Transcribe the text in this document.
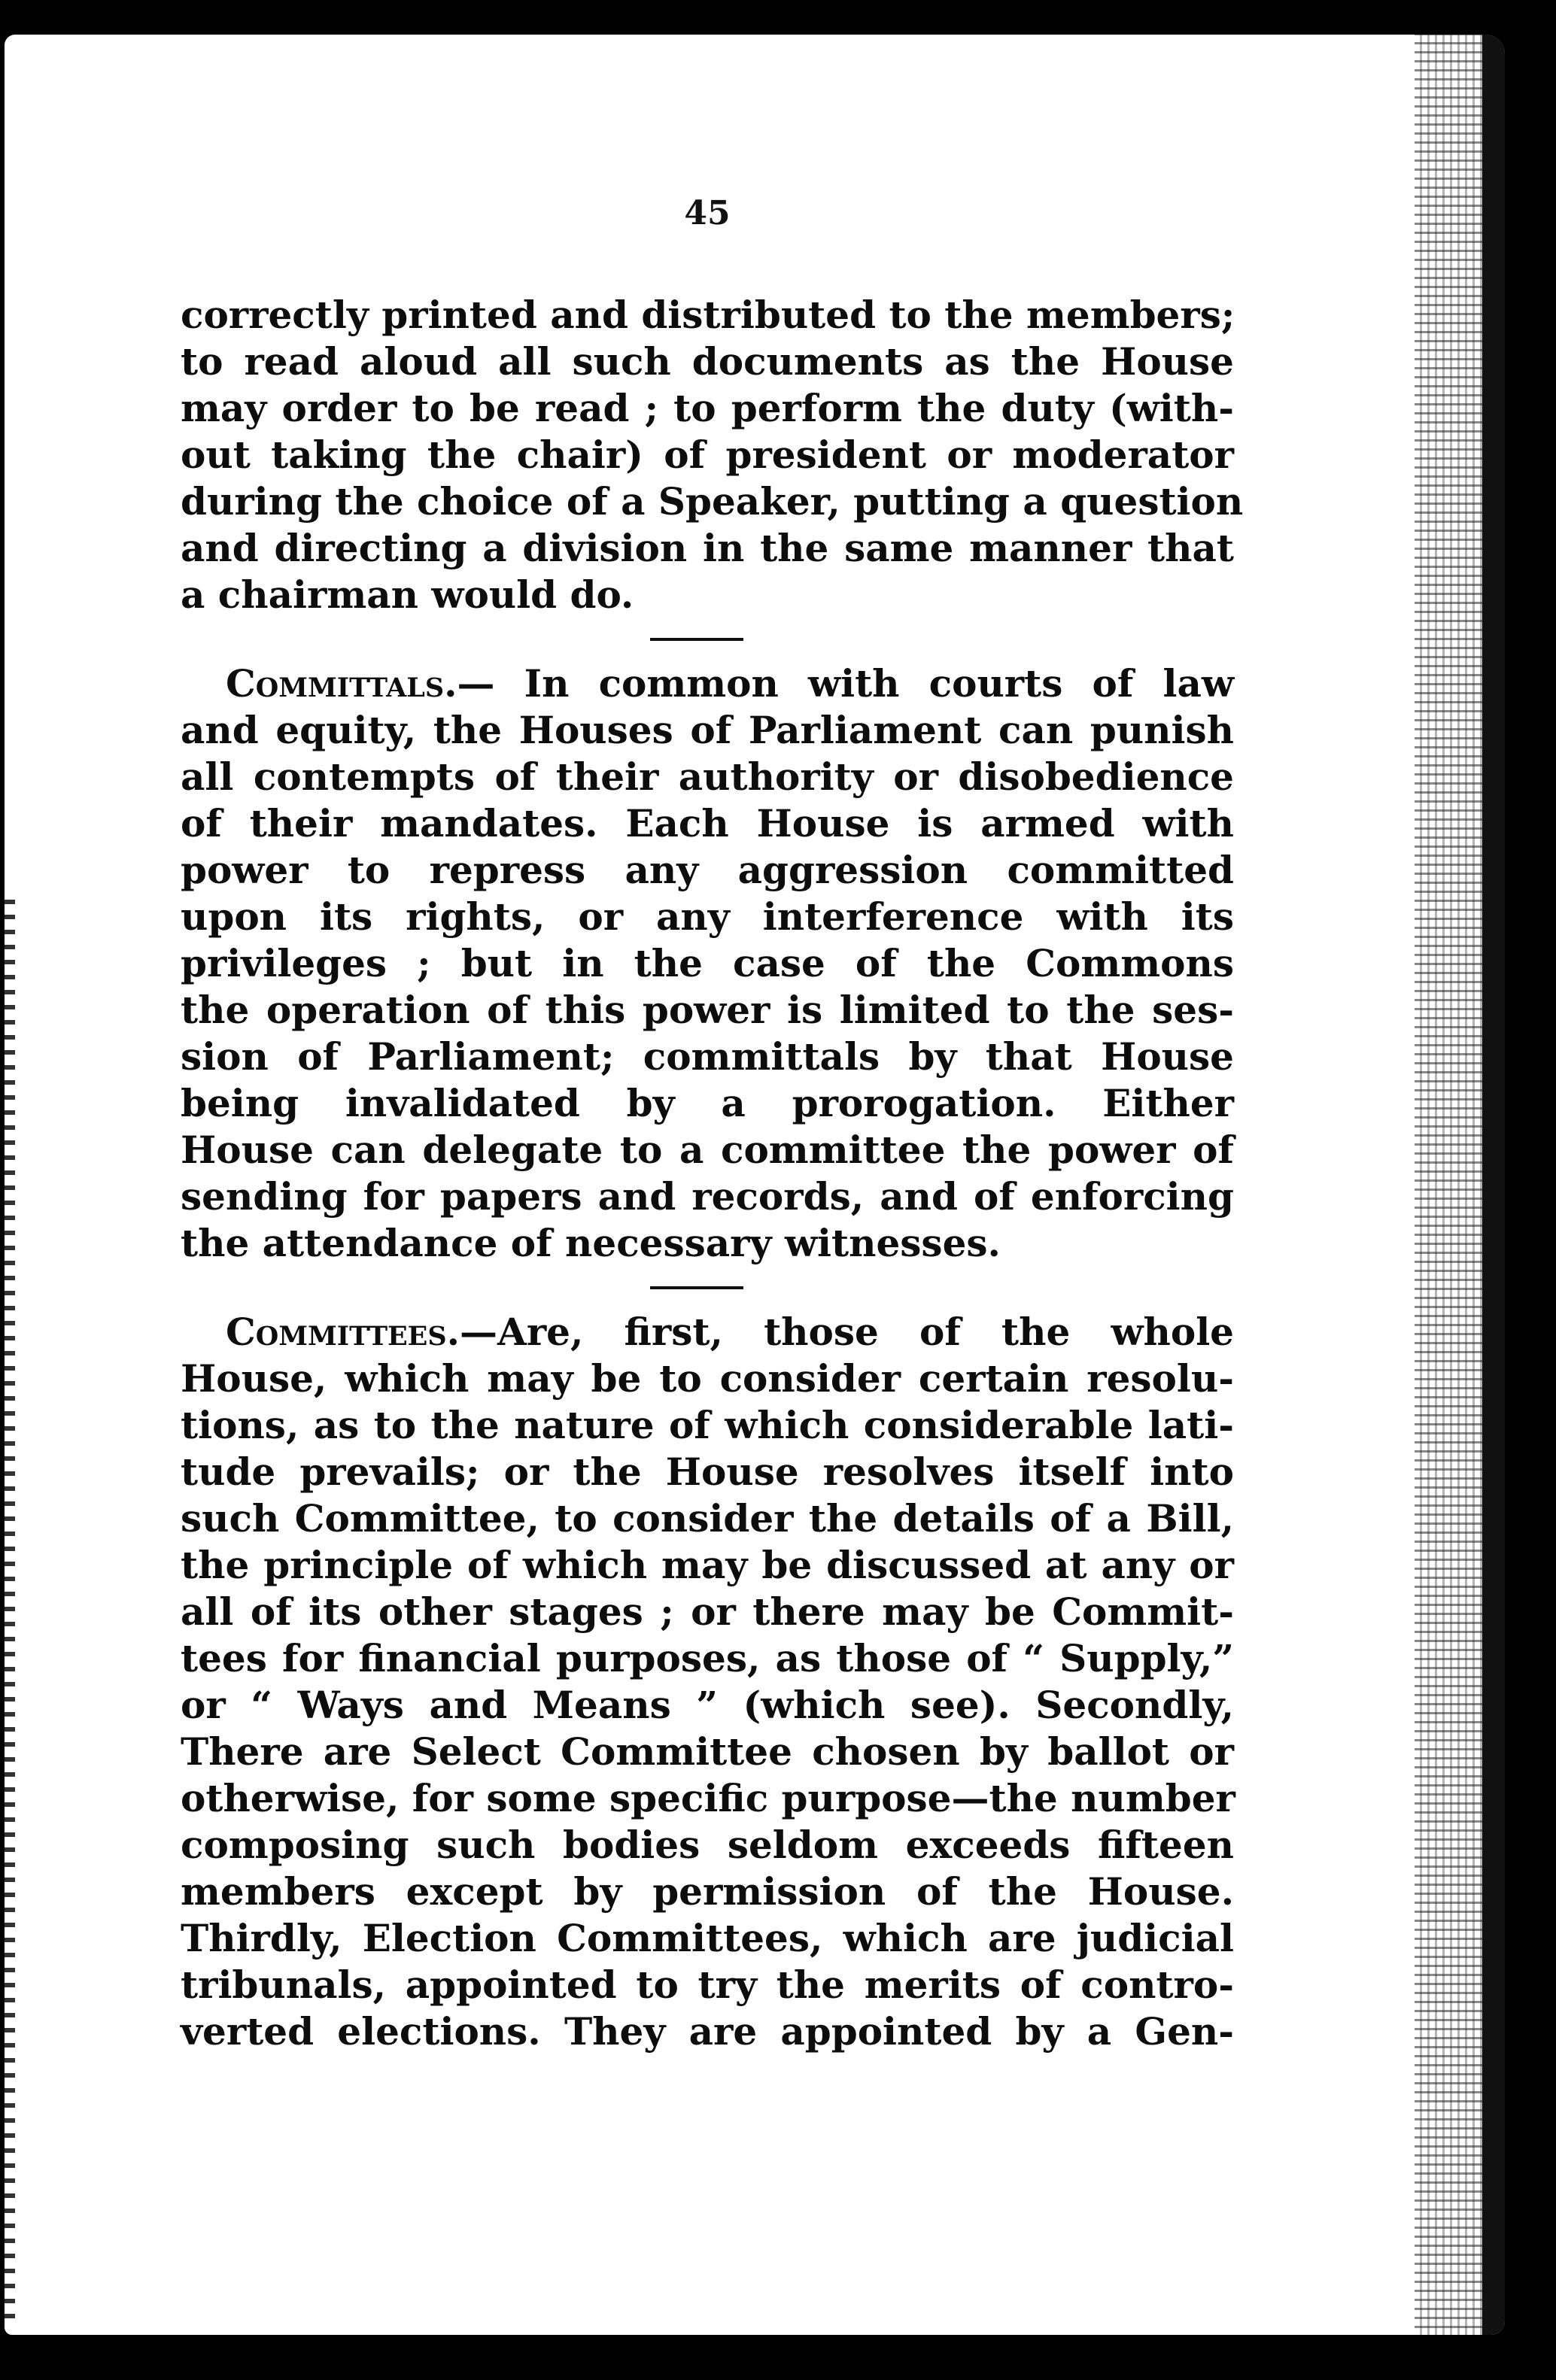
45
correctly printed and distributed to the members;
to read aloud all such documents as the House
may order to be read ; to perform the duty (with-
out taking the chair) of president or moderator
during the choice of a Speaker, putting a question
and directing a division in the same manner that
a chairman would do.
Committals.— In common with courts of law
and equity, the Houses of Parliament can punish
all contempts of their authority or disobedience
of their mandates. Each House is armed with
power to repress any aggression committed
upon its rights, or any interference with its
privileges ; but in the case of the Commons
the operation of this power is limited to the ses-
sion of Parliament; committals by that House
being invalidated by a prorogation. Either
House can delegate to a committee the power of
sending for papers and records, and of enforcing
the attendance of necessary witnesses.
Committees.—Are, first, those of the whole
House, which may be to consider certain resolu-
tions, as to the nature of which considerable lati-
tude prevails; or the House resolves itself into
such Committee, to consider the details of a Bill,
the principle of which may be discussed at any or
all of its other stages ; or there may be Commit-
tees for financial purposes, as those of “ Supply,”
or “ Ways and Means ” (which see). Secondly,
There are Select Committee chosen by ballot or
otherwise, for some specific purpose—the number
composing such bodies seldom exceeds fifteen
members except by permission of the House.
Thirdly, Election Committees, which are judicial
tribunals, appointed to try the merits of contro-
verted elections. They are appointed by a Gen-
